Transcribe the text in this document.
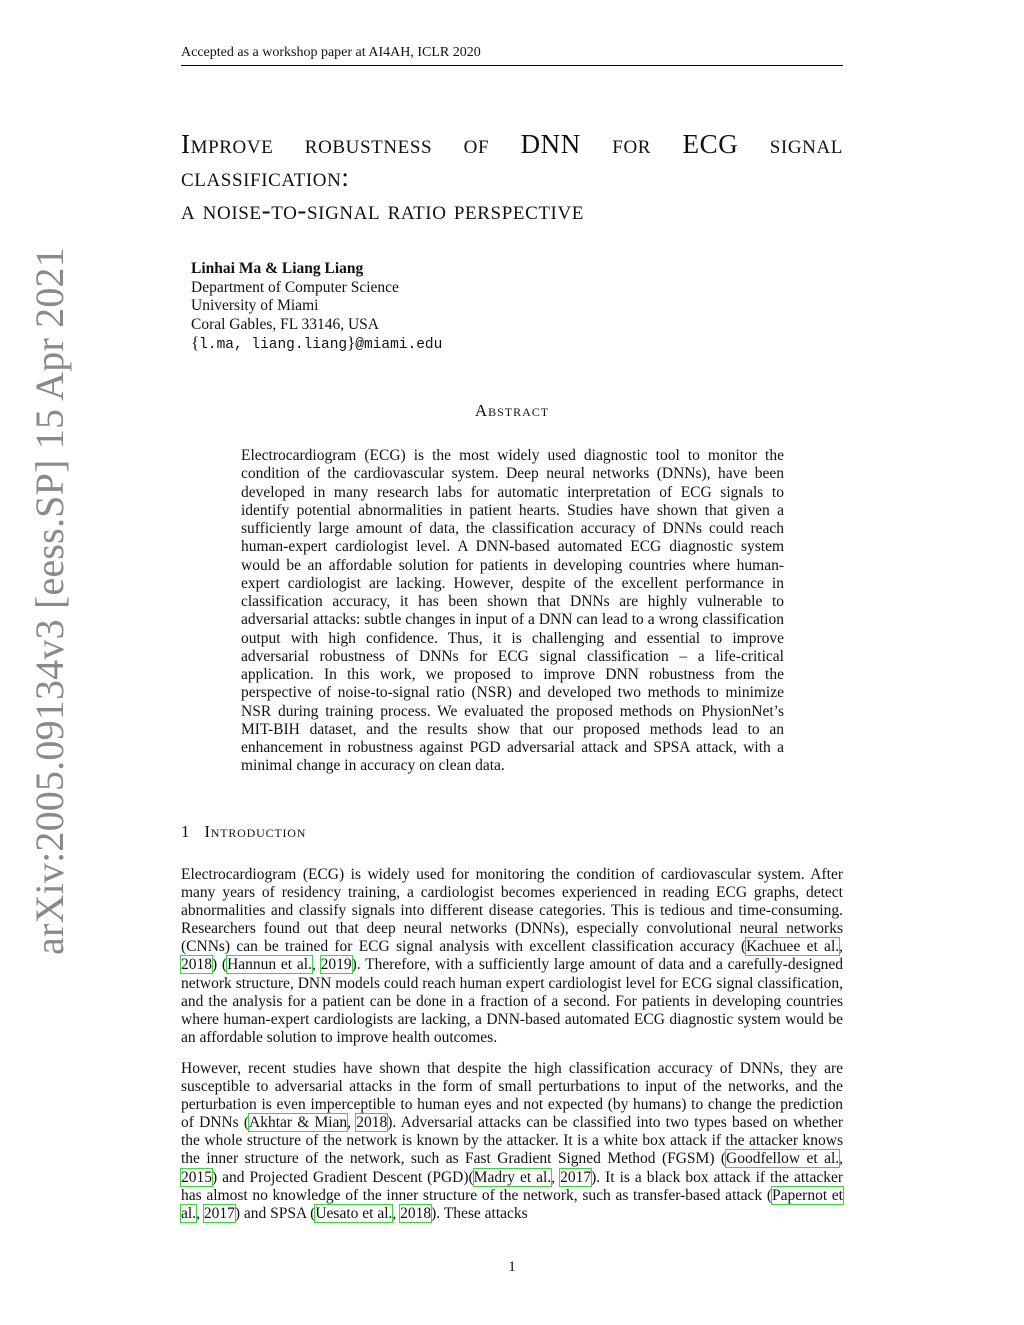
Accepted as a workshop paper at AI4AH, ICLR 2020
arXiv:2005.09134v3 [eess.SP] 15 Apr 2021
Improve robustness of DNN for ECG signal
classification:
a noise-to-signal ratio perspective
Linhai Ma & Liang Liang
Department of Computer Science
University of Miami
Coral Gables, FL 33146, USA
{l.ma, liang.liang}@miami.edu
Abstract
Electrocardiogram (ECG) is the most widely used diagnostic tool to monitor the condition of the cardiovascular system. Deep neural networks (DNNs), have been developed in many research labs for automatic interpretation of ECG signals to identify potential abnormalities in patient hearts. Studies have shown that given a sufficiently large amount of data, the classification accuracy of DNNs could reach human-expert cardiologist level. A DNN-based automated ECG diagnostic system would be an affordable solution for patients in developing countries where human-expert cardiologist are lacking. However, despite of the excellent performance in classification accuracy, it has been shown that DNNs are highly vulnerable to adversarial attacks: subtle changes in input of a DNN can lead to a wrong classification output with high confidence. Thus, it is challenging and essential to improve adversarial robustness of DNNs for ECG signal classification – a life-critical application. In this work, we proposed to improve DNN robustness from the perspective of noise-to-signal ratio (NSR) and developed two methods to minimize NSR during training process. We evaluated the proposed methods on PhysionNet’s MIT-BIH dataset, and the results show that our proposed methods lead to an enhancement in robustness against PGD adversarial attack and SPSA attack, with a minimal change in accuracy on clean data.
1 Introduction
Electrocardiogram (ECG) is widely used for monitoring the condition of cardiovascular system. After many years of residency training, a cardiologist becomes experienced in reading ECG graphs, detect abnormalities and classify signals into different disease categories. This is tedious and time-consuming. Researchers found out that deep neural networks (DNNs), especially convolutional neural networks (CNNs) can be trained for ECG signal analysis with excellent classification accuracy (Kachuee et al., 2018) (Hannun et al., 2019). Therefore, with a sufficiently large amount of data and a carefully-designed network structure, DNN models could reach human expert cardiologist level for ECG signal classification, and the analysis for a patient can be done in a fraction of a second. For patients in developing countries where human-expert cardiologists are lacking, a DNN-based automated ECG diagnostic system would be an affordable solution to improve health outcomes.
However, recent studies have shown that despite the high classification accuracy of DNNs, they are susceptible to adversarial attacks in the form of small perturbations to input of the networks, and the perturbation is even imperceptible to human eyes and not expected (by humans) to change the prediction of DNNs (Akhtar & Mian, 2018). Adversarial attacks can be classified into two types based on whether the whole structure of the network is known by the attacker. It is a white box attack if the attacker knows the inner structure of the network, such as Fast Gradient Signed Method (FGSM) (Goodfellow et al., 2015) and Projected Gradient Descent (PGD)(Madry et al., 2017). It is a black box attack if the attacker has almost no knowledge of the inner structure of the network, such as transfer-based attack (Papernot et al., 2017) and SPSA (Uesato et al., 2018). These attacks
1
